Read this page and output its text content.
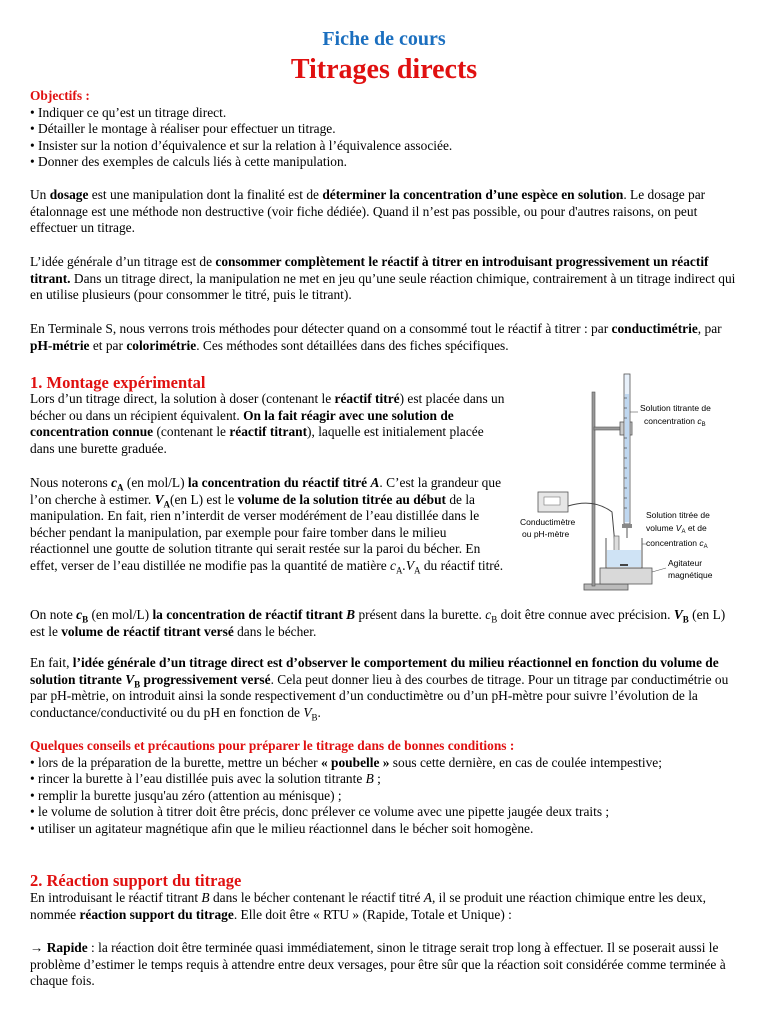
Fiche de cours
Titrages directs

Objectifs :

• Indiquer ce qu’est un titrage direct.
• Détailler le montage à réaliser pour effectuer un titrage.
• Insister sur la notion d’équivalence et sur la relation à l’équivalence associée.
• Donner des exemples de calculs liés à cette manipulation.

Un dosage est une manipulation dont la finalité est de déterminer la concentration d’une espèce en solution. Le dosage par étalonnage est une méthode non destructive (voir fiche dédiée). Quand il n’est pas possible, ou pour d'autres raisons, on peut effectuer un titrage.

L’idée générale d’un titrage est de consommer complètement le réactif à titrer en introduisant progressivement un réactif titrant. Dans un titrage direct, la manipulation ne met en jeu qu’une seule réaction chimique, contrairement à un titrage indirect qui en utilise plusieurs (pour consommer le titré, puis le titrant).

En Terminale S, nous verrons trois méthodes pour détecter quand on a consommé tout le réactif à titrer : par conductimétrie, par pH-métrie et par colorimétrie. Ces méthodes sont détaillées dans des fiches spécifiques.

1. Montage expérimental

Lors d’un titrage direct, la solution à doser (contenant le réactif titré) est placée dans un bécher ou dans un récipient équivalent. On la fait réagir avec une solution de concentration connue (contenant le réactif titrant), laquelle est initialement placée dans une burette graduée.

Nous noterons $c_A$ (en mol/L) la concentration du réactif titré A. C’est la grandeur que l’on cherche à estimer. $V_A(en$ L) est le volume de la solution titrée au début de la manipulation. En fait, rien n’interdit de verser modérément de l’eau distillée dans le bécher pendant la manipulation, par exemple pour faire tomber dans le milieu réactionnel une goutte de solution titrante qui serait restée sur la paroi du bécher. En effet, verser de l’eau distillée ne modifie pas la quantité de matière $c_A.V_A$ du réactif titré.

Solution titrante de
concentration $c_B$
Conductimètre
ou pH-mètre
Solution titrée de
volume $V_A$ et de
concentration $c_A$
Agitateur
magnétique

On note $c_B$ (en mol/L) la concentration de réactif titrant B présent dans la burette. $c_B$ doit être connue avec précision. $V_B$ (en L) est le volume de réactif titrant versé dans le bécher.

En fait, l’idée générale d’un titrage direct est d’observer le comportement du milieu réactionnel en fonction du volume de solution titrante $V_B$ progressivement versé. Cela peut donner lieu à des courbes de titrage. Pour un titrage par conductimétrie ou par pH-mètrie, on introduit ainsi la sonde respectivement d’un conductimètre ou d’un pH-mètre pour suivre l’évolution de la conductance/conductivité ou du pH en fonction de $V_B$.

Quelques conseils et précautions pour préparer le titrage dans de bonnes conditions :

• lors de la préparation de la burette, mettre un bécher « poubelle » sous cette dernière, en cas de coulée intempestive;
• rincer la burette à l’eau distillée puis avec la solution titrante B ;
• remplir la burette jusqu'au zéro (attention au ménisque) ;
• le volume de solution à titrer doit être précis, donc prélever ce volume avec une pipette jaugée deux traits ;
• utiliser un agitateur magnétique afin que le milieu réactionnel dans le bécher soit homogène.

2. Réaction support du titrage

En introduisant le réactif titrant B dans le bécher contenant le réactif titré A, il se produit une réaction chimique entre les deux, nommée réaction support du titrage. Elle doit être « RTU » (Rapide, Totale et Unique) :

→ Rapide : la réaction doit être terminée quasi immédiatement, sinon le titrage serait trop long à effectuer. Il se poserait aussi le problème d’estimer le temps requis à attendre entre deux versages, pour être sûr que la réaction soit considérée comme terminée à chaque fois.
